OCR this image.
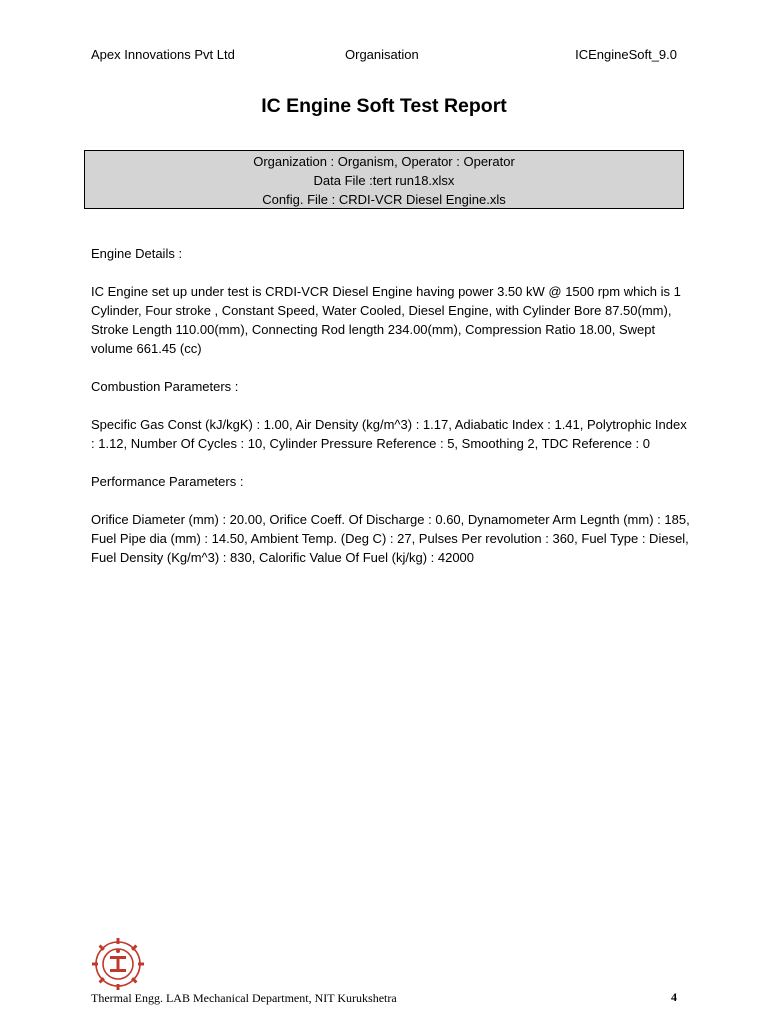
Apex Innovations Pvt Ltd	Organisation	ICEngineSoft_9.0
IC Engine Soft Test Report
Organization : Organism, Operator : Operator
Data File :tert run18.xlsx
Config. File : CRDI-VCR Diesel Engine.xls
Engine Details :
IC Engine set up under test is CRDI-VCR Diesel Engine having power 3.50 kW @ 1500 rpm which is 1 Cylinder, Four stroke , Constant Speed, Water Cooled, Diesel Engine, with Cylinder Bore 87.50(mm), Stroke Length 110.00(mm), Connecting Rod length 234.00(mm), Compression Ratio 18.00, Swept volume 661.45 (cc)
Combustion Parameters :
Specific Gas Const (kJ/kgK) : 1.00, Air Density (kg/m^3) : 1.17, Adiabatic Index : 1.41, Polytrophic Index : 1.12, Number Of Cycles : 10, Cylinder Pressure Reference : 5, Smoothing 2, TDC Reference : 0
Performance Parameters :
Orifice Diameter (mm) : 20.00, Orifice Coeff. Of Discharge : 0.60, Dynamometer Arm Legnth (mm) : 185, Fuel Pipe dia (mm) : 14.50, Ambient Temp. (Deg C) : 27, Pulses Per revolution : 360, Fuel Type : Diesel, Fuel Density (Kg/m^3) : 830, Calorific Value Of Fuel (kj/kg) : 42000
Thermal Engg. LAB Mechanical Department, NIT Kurukshetra	4
